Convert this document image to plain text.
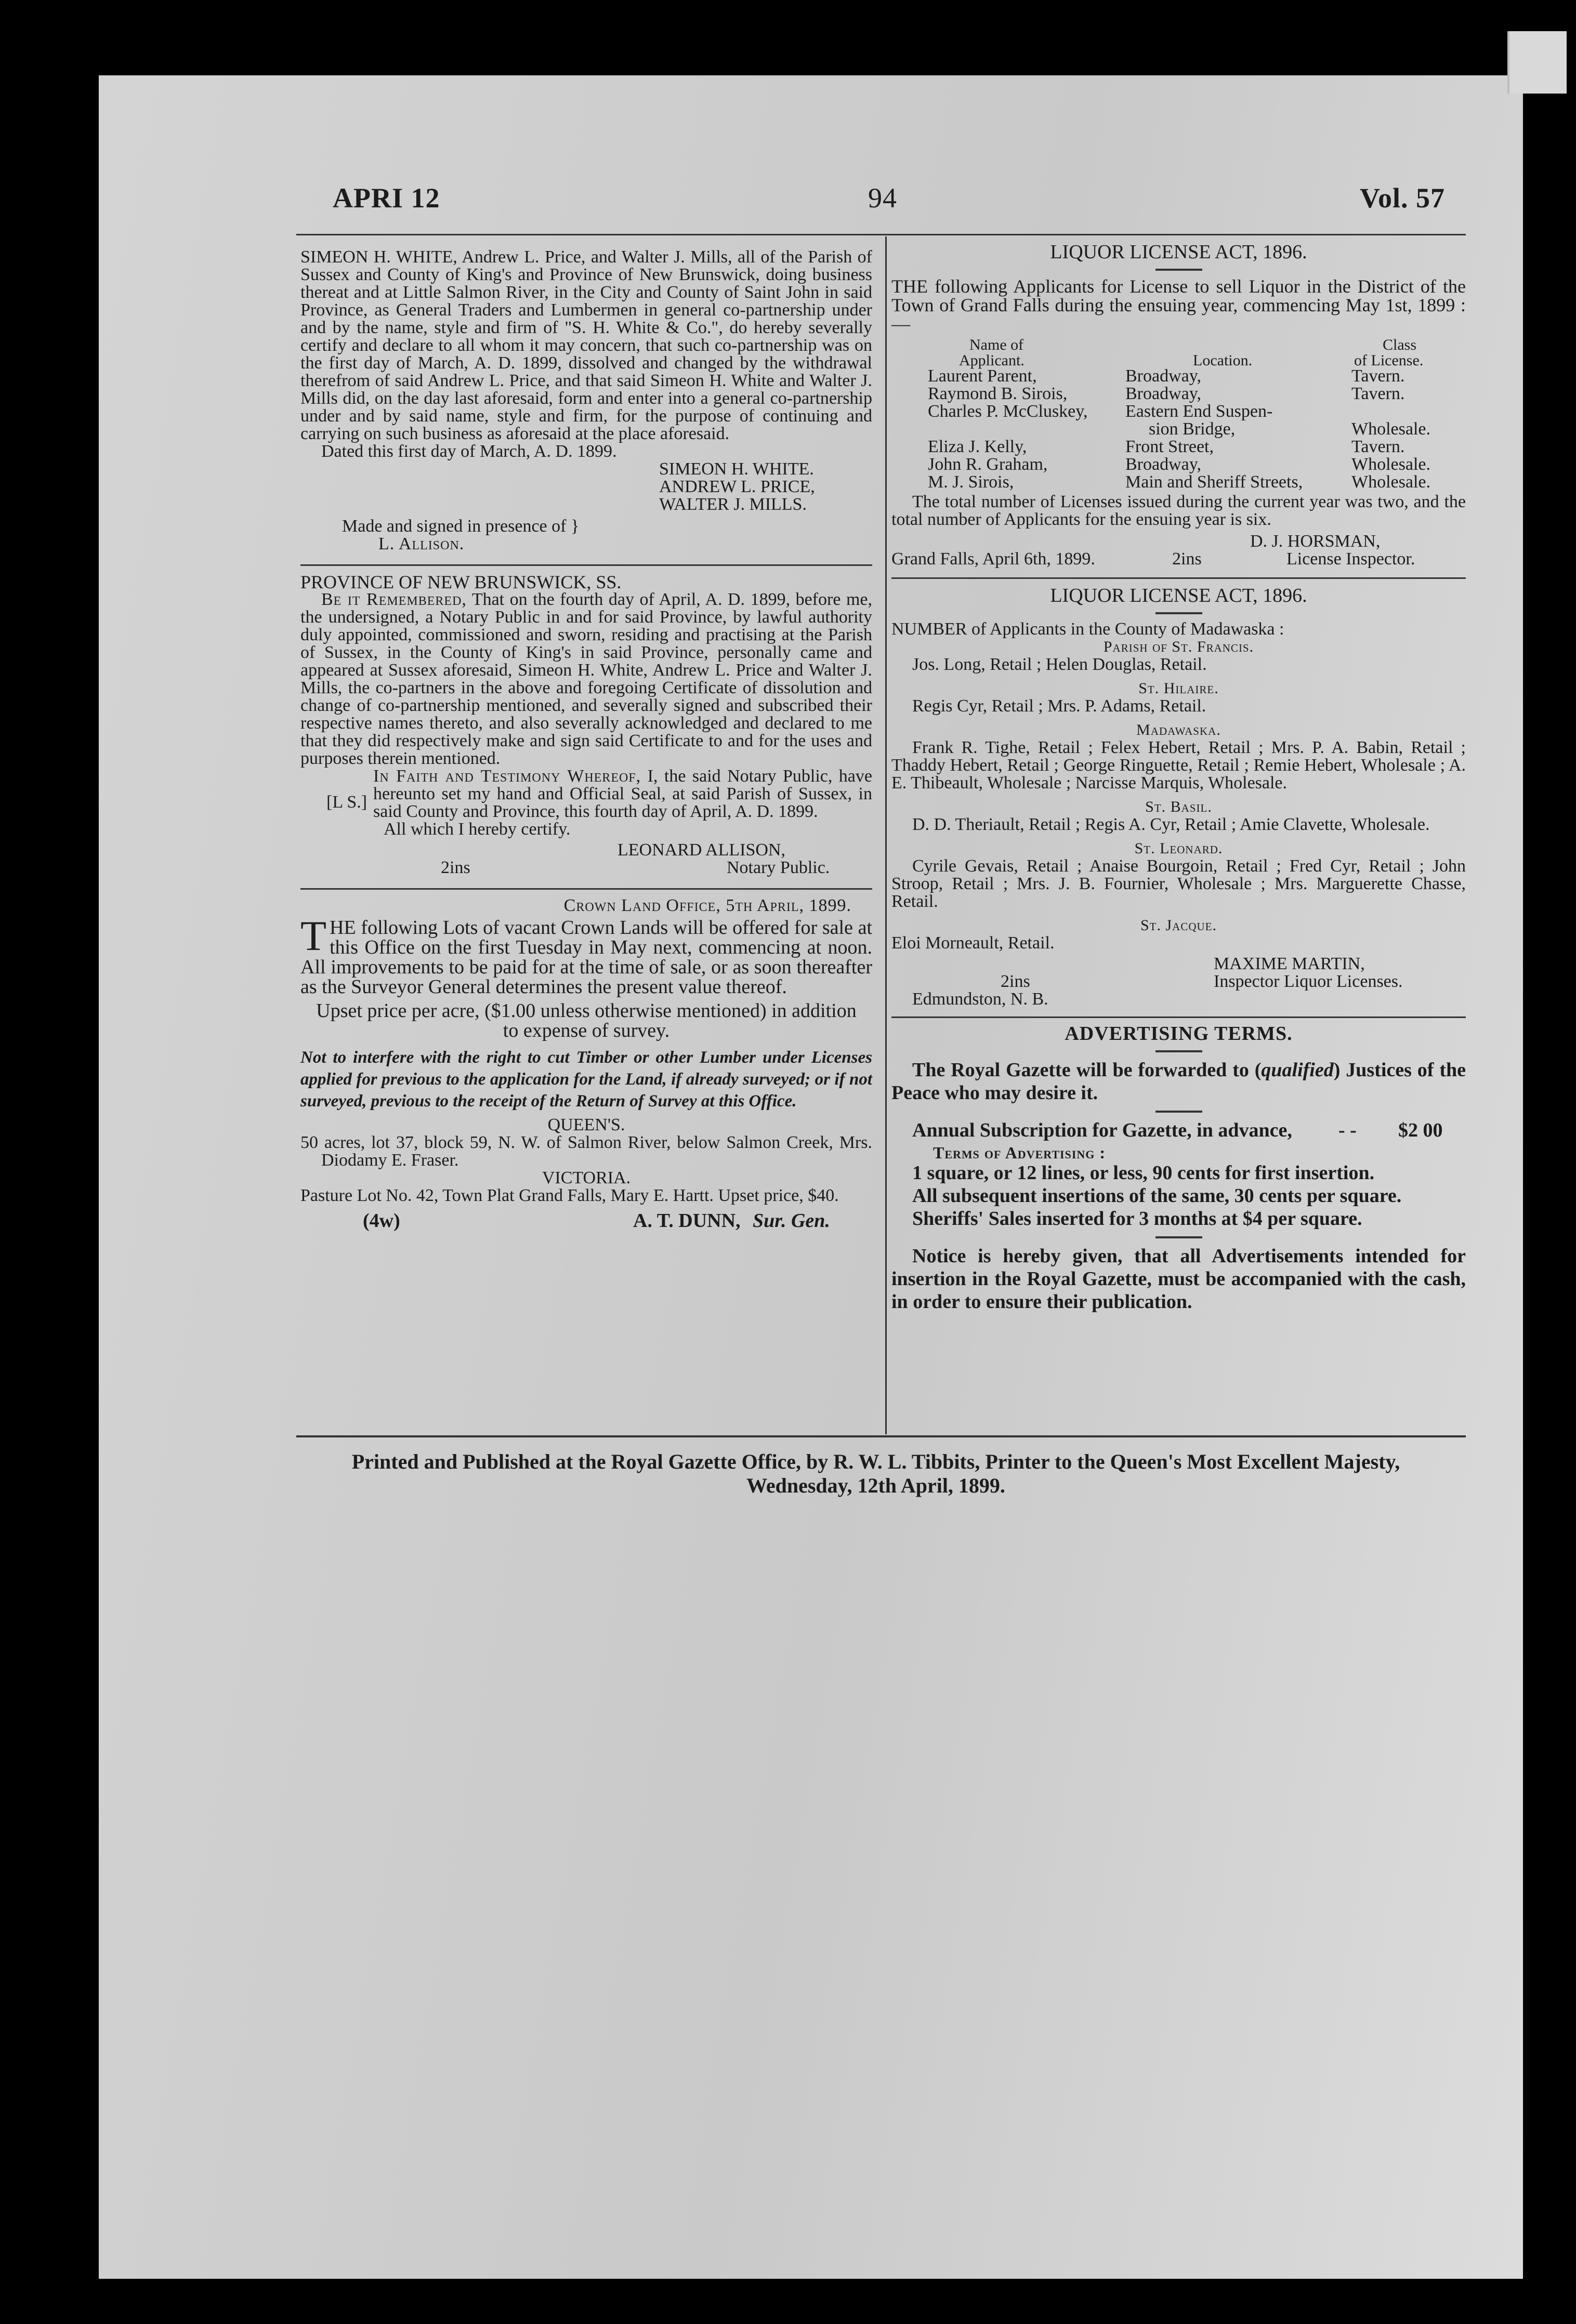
APRI 12	94	Vol. 57

SIMEON H. WHITE, Andrew L. Price, and Walter J. Mills, all of the Parish of Sussex and County of King's and Province of New Brunswick, doing business thereat and at Little Salmon River, in the City and County of Saint John in said Province, as General Traders and Lumbermen in general co-partnership under and by the name, style and firm of "S. H. White & Co.", do hereby severally certify and declare to all whom it may concern, that such co-partnership was on the first day of March, A. D. 1899, dissolved and changed by the withdrawal therefrom of said Andrew L. Price, and that said Simeon H. White and Walter J. Mills did, on the day last aforesaid, form and enter into a general co-partnership under and by said name, style and firm, for the purpose of continuing and carrying on such business as aforesaid at the place aforesaid.

Dated this first day of March, A. D. 1899.

SIMEON H. WHITE.
ANDREW L. PRICE,
WALTER J. MILLS.
Made and signed in presence of }
L. Allison.

PROVINCE OF NEW BRUNSWICK, SS.

Be it Remembered, That on the fourth day of April, A. D. 1899, before me, the undersigned, a Notary Public in and for said Province, by lawful authority duly appointed, commissioned and sworn, residing and practising at the Parish of Sussex, in the County of King's in said Province, personally came and appeared at Sussex aforesaid, Simeon H. White, Andrew L. Price and Walter J. Mills, the co-partners in the above and foregoing Certificate of dissolution and change of co-partnership mentioned, and severally signed and subscribed their respective names thereto, and also severally acknowledged and declared to me that they did respectively make and sign said Certificate to and for the uses and purposes therein mentioned.

[L S.]

In Faith and Testimony Whereof, I, the said Notary Public, have hereunto set my hand and Official Seal, at said Parish of Sussex, in said County and Province, this fourth day of April, A. D. 1899.

All which I hereby certify.

LEONARD ALLISON,
2ins	Notary Public.

Crown Land Office, 5th April, 1899.

THE following Lots of vacant Crown Lands will be offered for sale at this Office on the first Tuesday in May next, commencing at noon. All improvements to be paid for at the time of sale, or as soon thereafter as the Surveyor General determines the present value thereof.

Upset price per acre, ($1.00 unless otherwise mentioned) in addition to expense of survey.

Not to interfere with the right to cut Timber or other Lumber under Licenses applied for previous to the application for the Land, if already surveyed; or if not surveyed, previous to the receipt of the Return of Survey at this Office.

QUEEN'S.

50 acres, lot 37, block 59, N. W. of Salmon River, below Salmon Creek, Mrs. Diodamy E. Fraser.

VICTORIA.

Pasture Lot No. 42, Town Plat Grand Falls, Mary E. Hartt. Upset price, $40.

(4w)	A. T. DUNN, Sur. Gen.

LIQUOR LICENSE ACT, 1896.

THE following Applicants for License to sell Liquor in the District of the Town of Grand Falls during the ensuing year, commencing May 1st, 1899 :—

Name of	Class
Applicant.	Location.	of License.
Laurent Parent,	Broadway,	Tavern.
Raymond B. Sirois,	Broadway,	Tavern.
Charles P. McCluskey, Eastern End Suspen-
sion Bridge,	Wholesale.
Eliza J. Kelly,	Front Street,	Tavern.
John R. Graham,	Broadway,	Wholesale.
M. J. Sirois,	Main and Sheriff Streets,	Wholesale.

The total number of Licenses issued during the current year was two, and the total number of Applicants for the ensuing year is six.

D. J. HORSMAN,
Grand Falls, April 6th, 1899.	2ins	License Inspector.

LIQUOR LICENSE ACT, 1896.

NUMBER of Applicants in the County of Madawaska :

Parish of St. Francis.

Jos. Long, Retail ; Helen Douglas, Retail.

St. Hilaire.

Regis Cyr, Retail ; Mrs. P. Adams, Retail.

Madawaska.

Frank R. Tighe, Retail ; Felex Hebert, Retail ; Mrs. P. A. Babin, Retail ; Thaddy Hebert, Retail ; George Ringuette, Retail ; Remie Hebert, Wholesale ; A. E. Thibeault, Wholesale ; Narcisse Marquis, Wholesale.

St. Basil.

D. D. Theriault, Retail ; Regis A. Cyr, Retail ; Amie Clavette, Wholesale.

St. Leonard.

Cyrile Gevais, Retail ; Anaise Bourgoin, Retail ; Fred Cyr, Retail ; John Stroop, Retail ; Mrs. J. B. Fournier, Wholesale ; Mrs. Marguerette Chasse, Retail.

St. Jacque.

Eloi Morneault, Retail.

MAXIME MARTIN,
2ins	Inspector Liquor Licenses.
Edmundston, N. B.

ADVERTISING TERMS.

The Royal Gazette will be forwarded to (qualified) Justices of the Peace who may desire it.

Annual Subscription for Gazette, in advance, - - $2 00

Terms of Advertising :

1 square, or 12 lines, or less, 90 cents for first insertion.

All subsequent insertions of the same, 30 cents per square.

Sheriffs' Sales inserted for 3 months at $4 per square.

Notice is hereby given, that all Advertisements intended for insertion in the Royal Gazette, must be accompanied with the cash, in order to ensure their publication.

Printed and Published at the Royal Gazette Office, by R. W. L. Tibbits, Printer to the Queen's Most Excellent Majesty,
Wednesday, 12th April, 1899.
